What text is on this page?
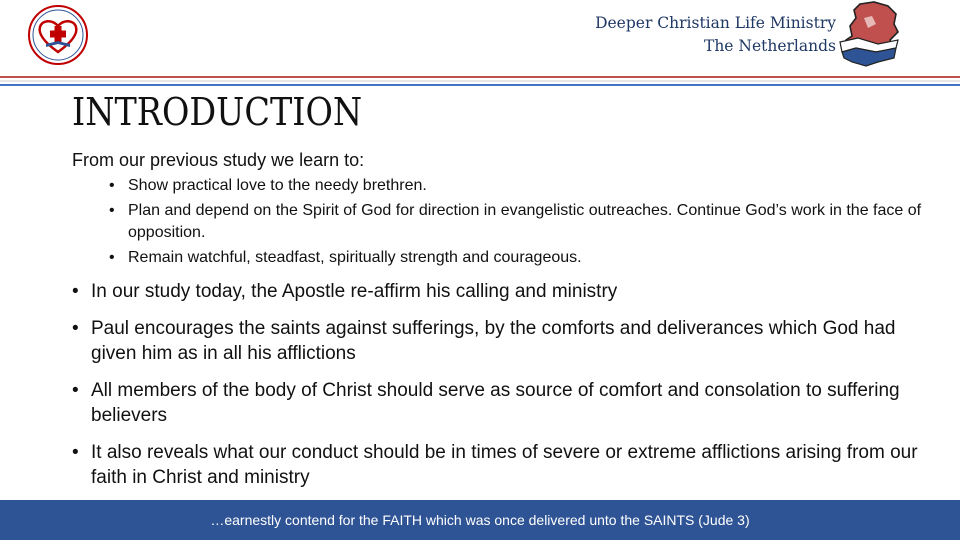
Deeper Christian Life Ministry
The Netherlands
INTRODUCTION

From our previous study we learn to:

• Show practical love to the needy brethren.
• Plan and depend on the Spirit of God for direction in evangelistic outreaches. Continue God’s work in the face of opposition.
• Remain watchful, steadfast, spiritually strength and courageous.
• In our study today, the Apostle re-affirm his calling and ministry
• Paul encourages the saints against sufferings, by the comforts and deliverances which God had given him as in all his afflictions
• All members of the body of Christ should serve as source of comfort and consolation to suffering believers
• It also reveals what our conduct should be in times of severe or extreme afflictions arising from our faith in Christ and ministry
…earnestly contend for the FAITH which was once delivered unto the SAINTS (Jude 3)
